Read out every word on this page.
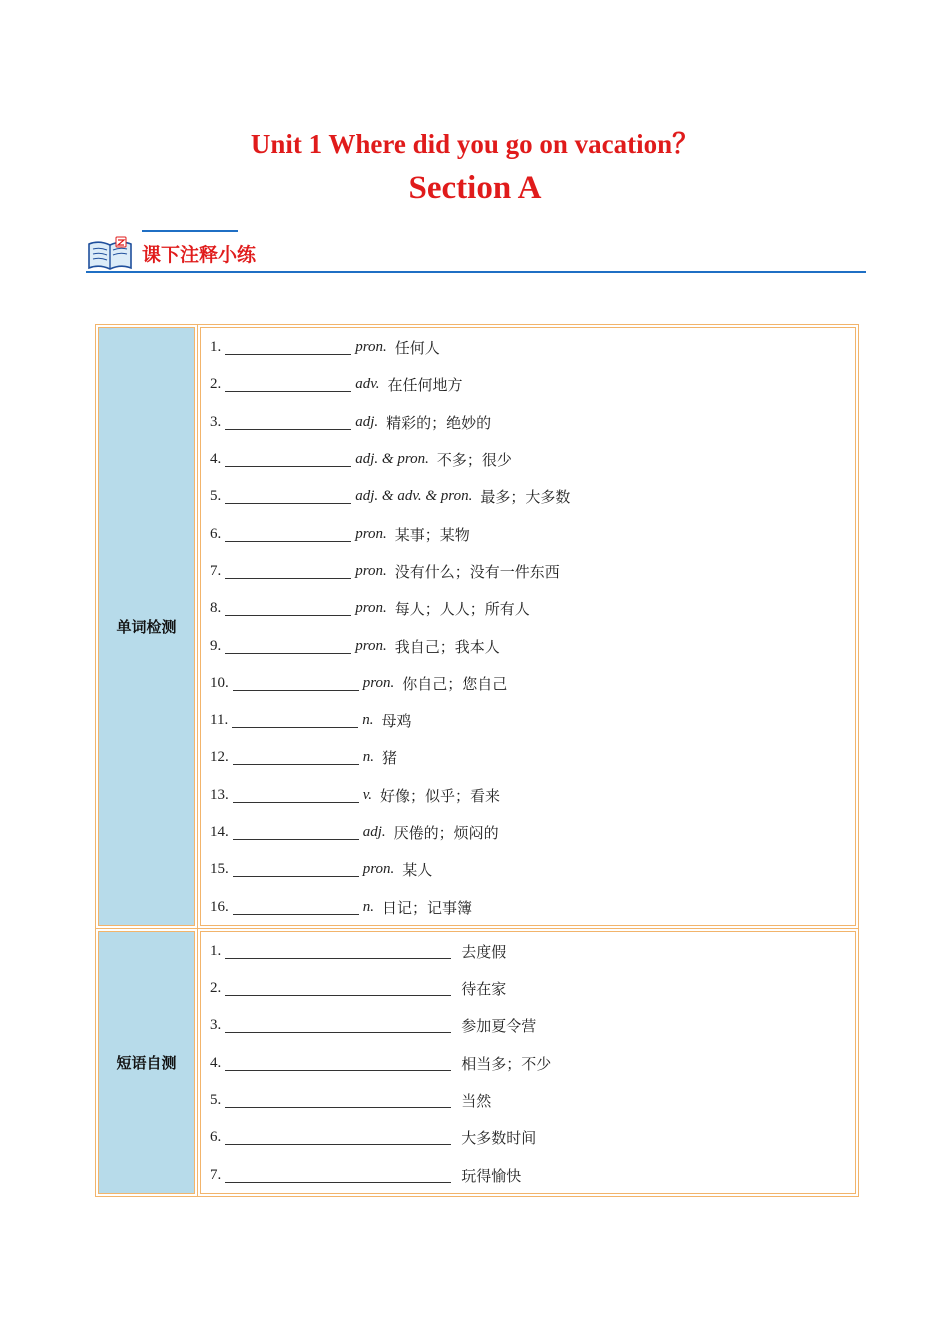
Unit 1 Where did you go on vacation？
Section A
课下注释小练
单词检测
1.	pron. 任何人
2.	adv. 在任何地方
3.	adj. 精彩的；绝妙的
4.	adj. & pron. 不多；很少
5.	adj. & adv. & pron. 最多；大多数
6.	pron. 某事；某物
7.	pron. 没有什么；没有一件东西
8.	pron. 每人；人人；所有人
9.	pron. 我自己；我本人
10.	pron. 你自己；您自己
11.	n. 母鸡
12.	n. 猪
13.	v. 好像；似乎；看来
14.	adj. 厌倦的；烦闷的
15.	pron. 某人
16.	n. 日记；记事簿
短语自测
1.	去度假
2.	待在家
3.	参加夏令营
4.	相当多；不少
5.	当然
6.	大多数时间
7.	玩得愉快
